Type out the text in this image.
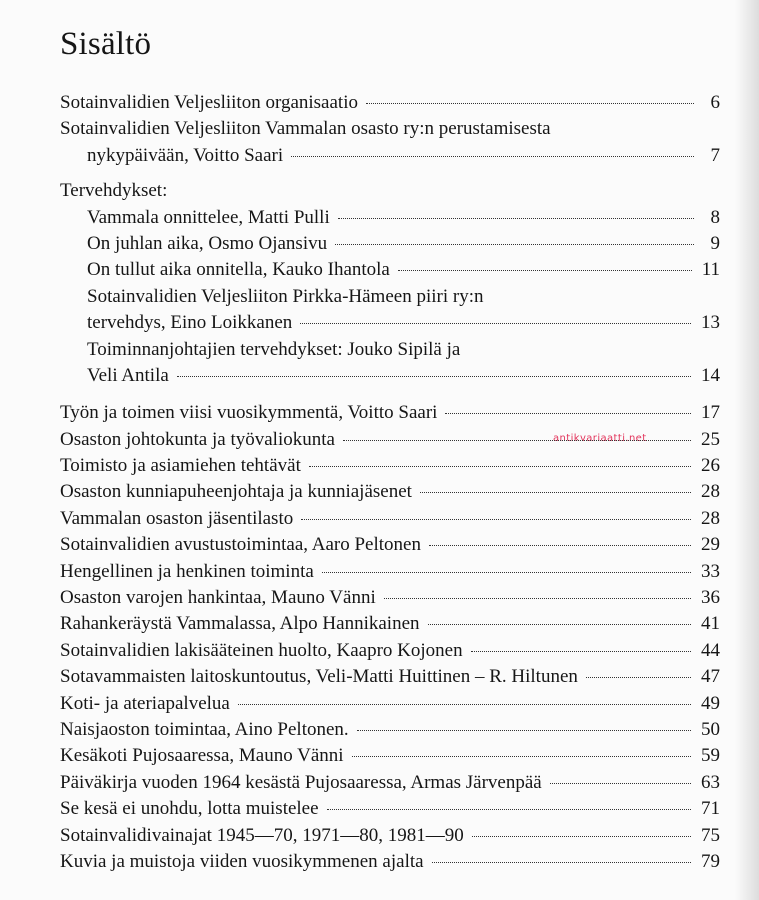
Sisältö
antikvariaatti.net
Sotainvalidien Veljesliiton organisaatio	6
Sotainvalidien Veljesliiton Vammalan osasto ry:n perustamisesta
nykypäivään, Voitto Saari	7
Tervehdykset:
Vammala onnittelee, Matti Pulli	8
On juhlan aika, Osmo Ojansivu	9
On tullut aika onnitella, Kauko Ihantola	11
Sotainvalidien Veljesliiton Pirkka-Hämeen piiri ry:n
tervehdys, Eino Loikkanen	13
Toiminnanjohtajien tervehdykset: Jouko Sipilä ja
Veli Antila	14
Työn ja toimen viisi vuosikymmentä, Voitto Saari	17
Osaston johtokunta ja työvaliokunta	25
Toimisto ja asiamiehen tehtävät	26
Osaston kunniapuheenjohtaja ja kunniajäsenet	28
Vammalan osaston jäsentilasto	28
Sotainvalidien avustustoimintaa, Aaro Peltonen	29
Hengellinen ja henkinen toiminta	33
Osaston varojen hankintaa, Mauno Vänni	36
Rahankeräystä Vammalassa, Alpo Hannikainen	41
Sotainvalidien lakisääteinen huolto, Kaapro Kojonen	44
Sotavammaisten laitoskuntoutus, Veli-Matti Huittinen – R. Hiltunen	47
Koti- ja ateriapalvelua	49
Naisjaoston toimintaa, Aino Peltonen.	50
Kesäkoti Pujosaaressa, Mauno Vänni	59
Päiväkirja vuoden 1964 kesästä Pujosaaressa, Armas Järvenpää	63
Se kesä ei unohdu, lotta muistelee	71
Sotainvalidivainajat 1945—70, 1971—80, 1981—90	75
Kuvia ja muistoja viiden vuosikymmenen ajalta	79
